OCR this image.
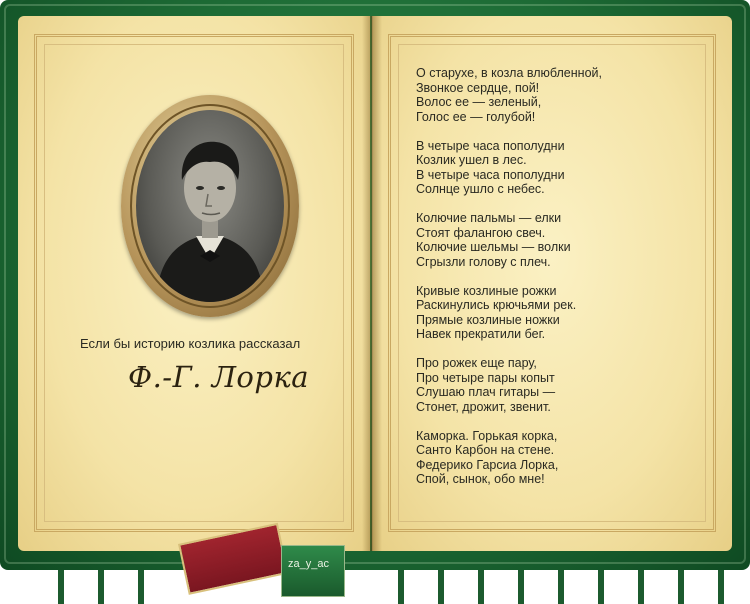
Если бы историю козлика рассказал
Ф.-Г. Лорка
О старухе, в козла влюбленной,
Звонкое сердце, пой!
Волос ее — зеленый,
Голос ее — голубой!
В четыре часа пополудни
Козлик ушел в лес.
В четыре часа пополудни
Солнце ушло с небес.
Колючие пальмы — елки
Стоят фалангою свеч.
Колючие шельмы — волки
Сгрызли голову с плеч.
Кривые козлиные рожки
Раскинулись крючьями рек.
Прямые козлиные ножки
Навек прекратили бег.
Про рожек еще пару,
Про четыре пары копыт
Слушаю плач гитары —
Стонет, дрожит, звенит.
Каморка. Горькая корка,
Санто Карбон на стене.
Федерико Гарсиа Лорка,
Спой, сынок, обо мне!
za_y_ac
